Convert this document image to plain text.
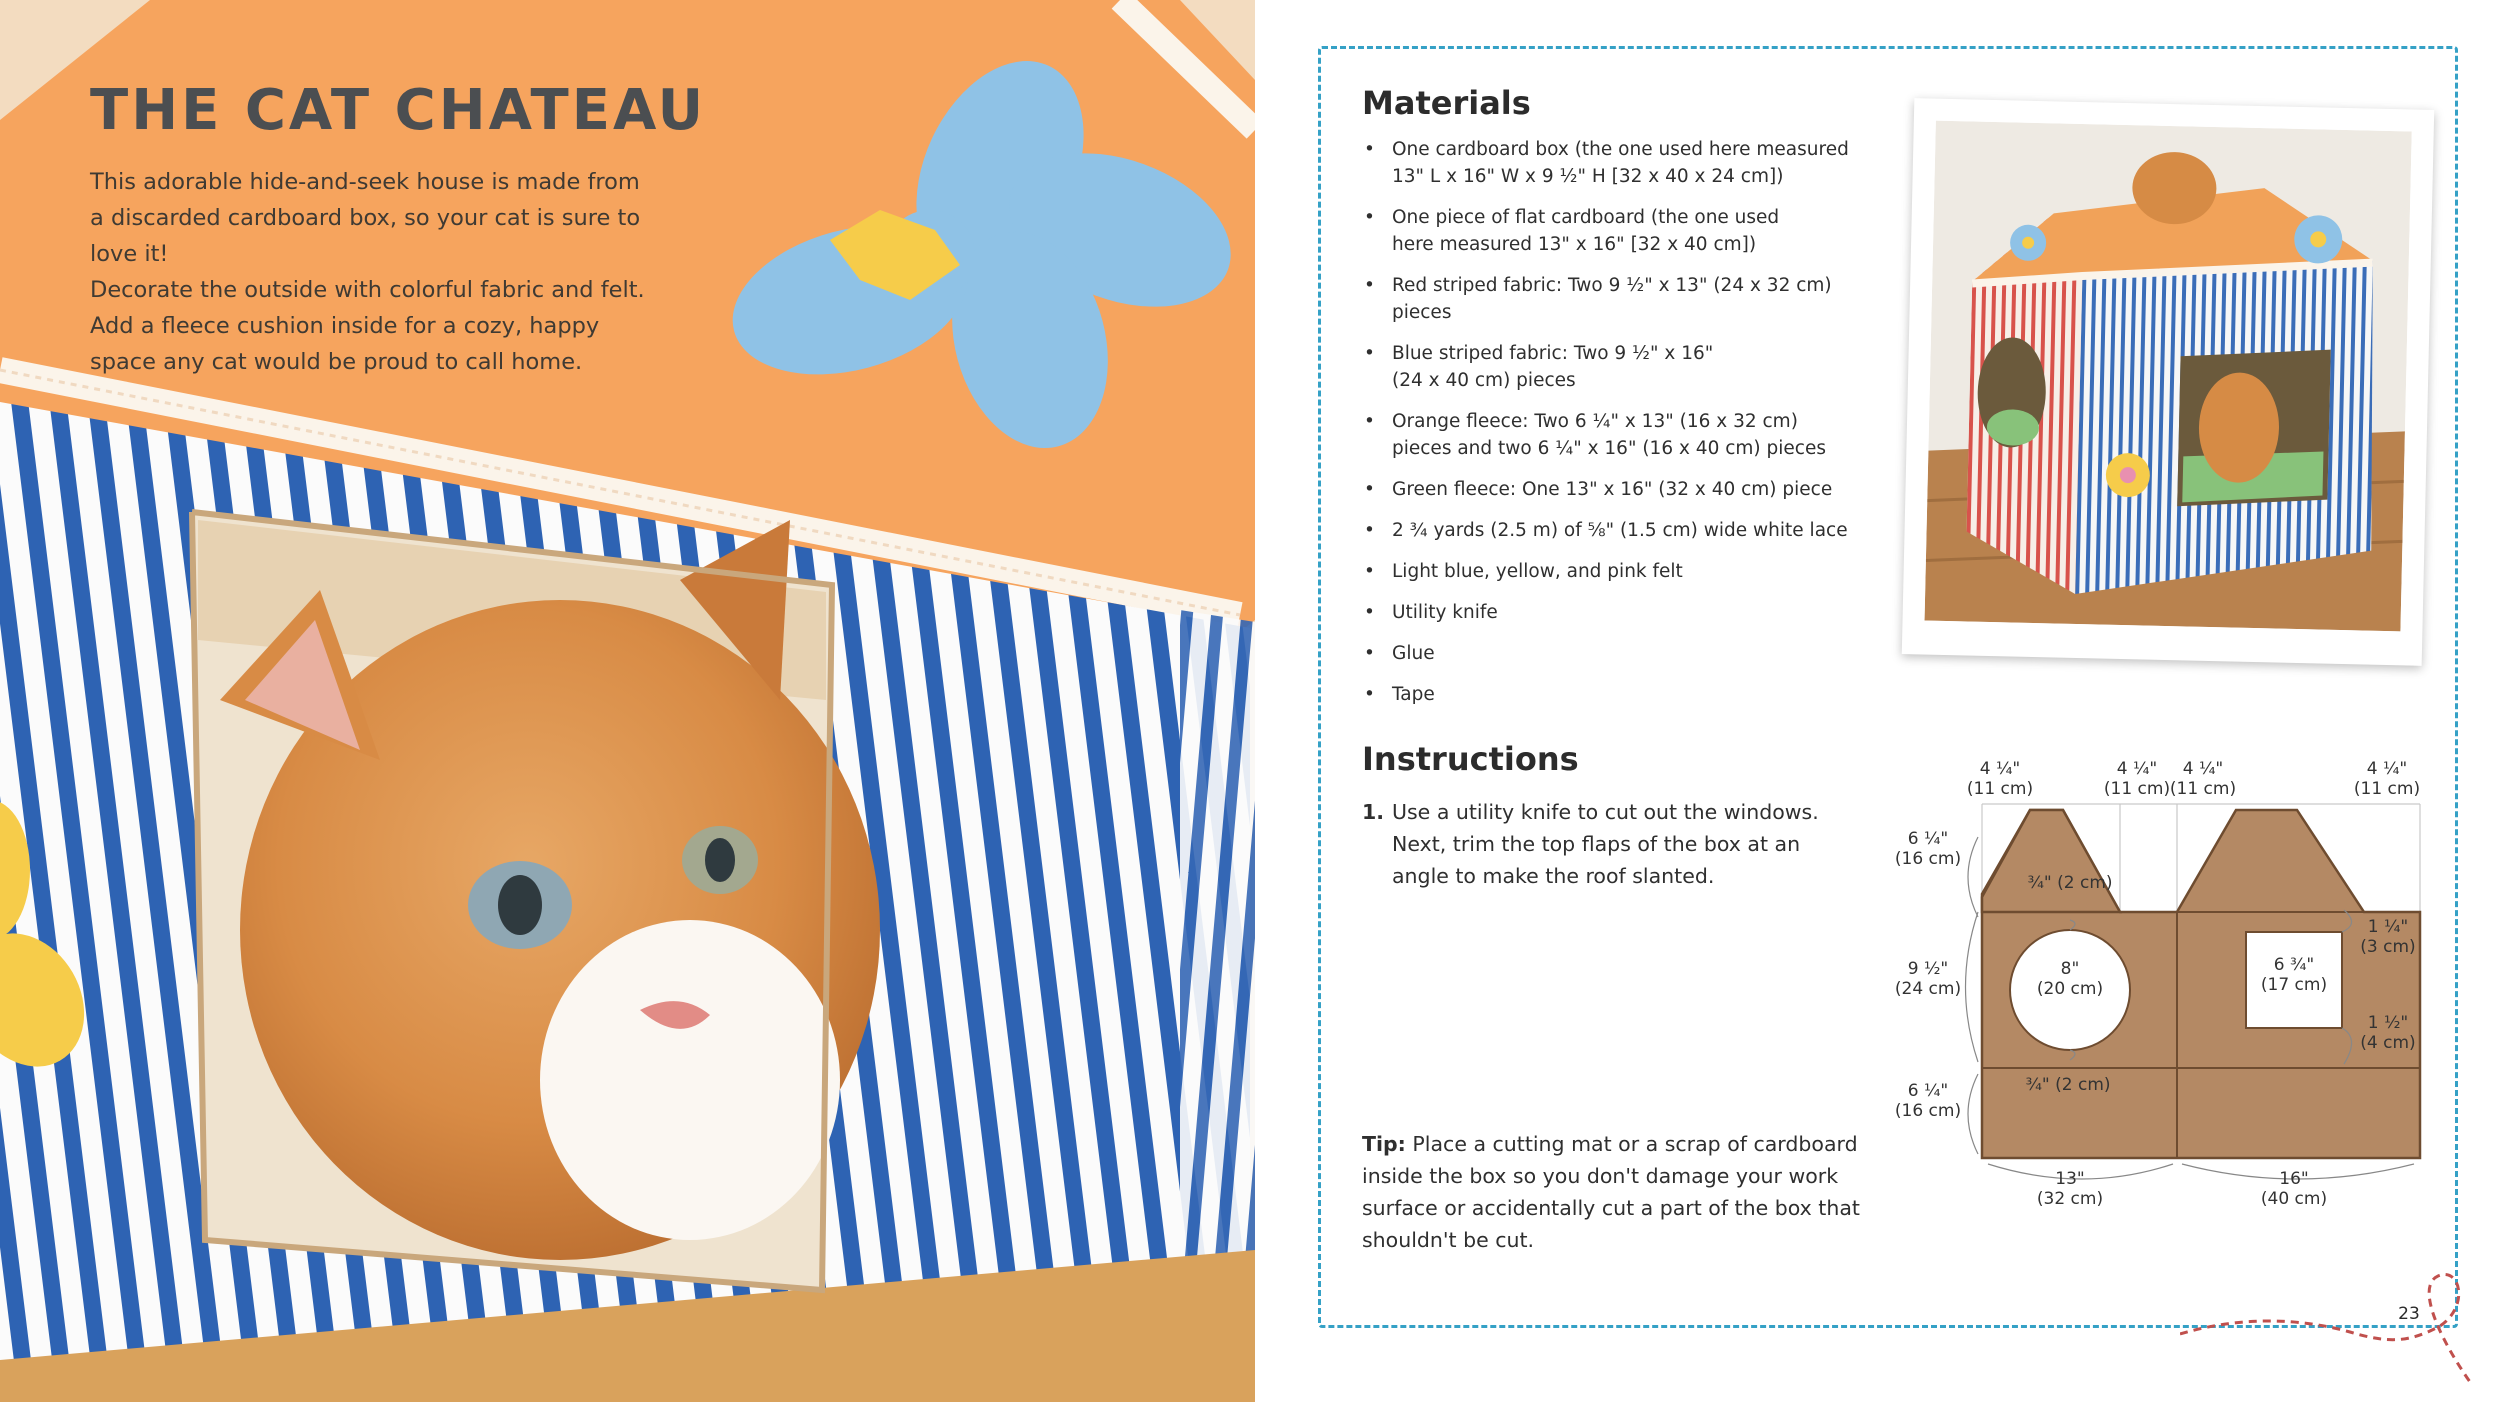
THE CAT CHATEAU

This adorable hide-and-seek house is made from
a discarded cardboard box, so your cat is sure to love it!
Decorate the outside with colorful fabric and felt.
Add a fleece cushion inside for a cozy, happy
space any cat would be proud to call home.

Materials
• One cardboard box (the one used here measured
13" L x 16" W x 9 ½" H [32 x 40 x 24 cm])
• One piece of flat cardboard (the one used
here measured 13" x 16" [32 x 40 cm])
• Red striped fabric: Two 9 ½" x 13" (24 x 32 cm) pieces
• Blue striped fabric: Two 9 ½" x 16"
(24 x 40 cm) pieces
• Orange fleece: Two 6 ¼" x 13" (16 x 32 cm)
pieces and two 6 ¼" x 16" (16 x 40 cm) pieces
• Green fleece: One 13" x 16" (32 x 40 cm) piece
• 2 ¾ yards (2.5 m) of ⅝" (1.5 cm) wide white lace
• Light blue, yellow, and pink felt
• Utility knife
• Glue
• Tape
Instructions
1. Use a utility knife to cut out the windows.
Next, trim the top flaps of the box at an
angle to make the roof slanted.

Tip: Place a cutting mat or a scrap of cardboard
inside the box so you don't damage your work
surface or accidentally cut a part of the box that
shouldn't be cut.

4 ¼"
(11 cm)
4 ¼"
(11 cm)
4 ¼"
(11 cm)
4 ¼"
(11 cm)
6 ¼"
(16 cm)
9 ½"
(24 cm)
6 ¼"
(16 cm)
¾" (2 cm)
8"
(20 cm)
¾" (2 cm)
6 ¾"
(17 cm)
1 ¼"
(3 cm)
1 ½"
(4 cm)
13"
(32 cm)
16"
(40 cm)
23
